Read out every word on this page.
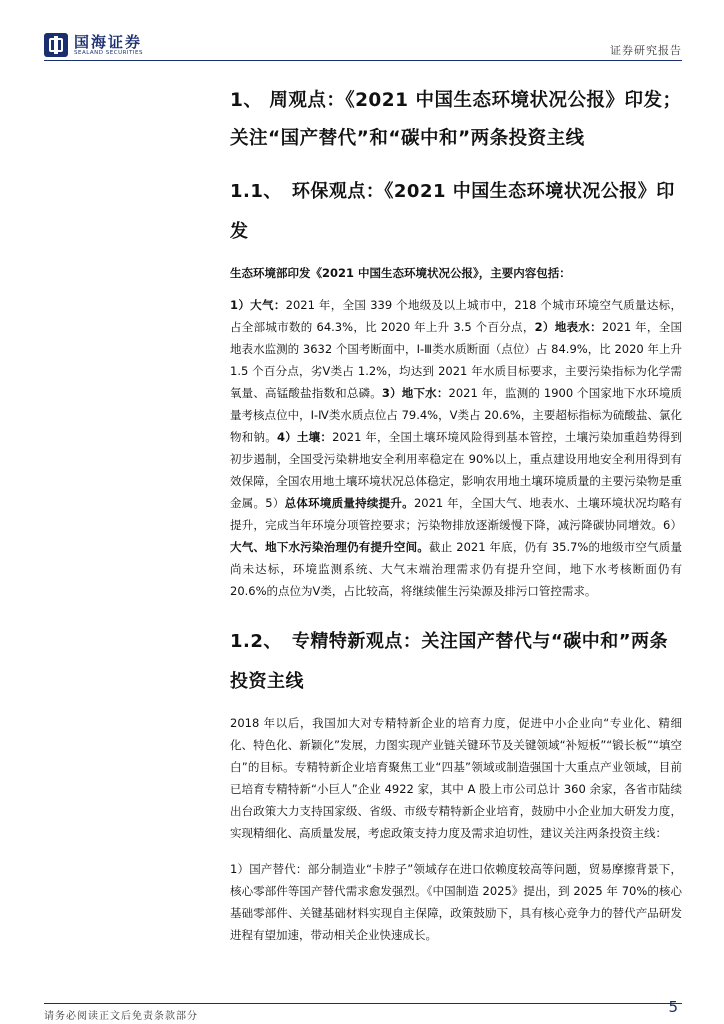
国海证券
SEALAND SECURITIES	证券研究报告
1、 周观点：《2021 中国生态环境状况公报》印发；
关注“国产替代”和“碳中和”两条投资主线
1.1、 环保观点：《2021 中国生态环境状况公报》印
发

生态环境部印发《2021 中国生态环境状况公报》，主要内容包括：

1）大气：2021 年，全国 339 个地级及以上城市中，218 个城市环境空气质量达标，占全部城市数的 64.3%，比 2020 年上升 3.5 个百分点，2）地表水：2021 年，全国地表水监测的 3632 个国考断面中，Ⅰ-Ⅲ类水质断面（点位）占 84.9%，比 2020 年上升 1.5 个百分点，劣Ⅴ类占 1.2%，均达到 2021 年水质目标要求，主要污染指标为化学需氧量、高锰酸盐指数和总磷。3）地下水：2021 年，监测的 1900 个国家地下水环境质量考核点位中，Ⅰ-Ⅳ类水质点位占 79.4%，Ⅴ类占 20.6%，主要超标指标为硫酸盐、氯化物和钠。4）土壤：2021 年，全国土壤环境风险得到基本管控，土壤污染加重趋势得到初步遏制，全国受污染耕地安全利用率稳定在 90%以上，重点建设用地安全利用得到有效保障，全国农用地土壤环境状况总体稳定，影响农用地土壤环境质量的主要污染物是重金属。5）总体环境质量持续提升。2021 年，全国大气、地表水、土壤环境状况均略有提升，完成当年环境分项管控要求；污染物排放逐渐缓慢下降，减污降碳协同增效。6）大气、地下水污染治理仍有提升空间。截止 2021 年底，仍有 35.7%的地级市空气质量尚未达标，环境监测系统、大气末端治理需求仍有提升空间，地下水考核断面仍有 20.6%的点位为Ⅴ类，占比较高，将继续催生污染源及排污口管控需求。

1.2、 专精特新观点：关注国产替代与“碳中和”两条
投资主线

2018 年以后，我国加大对专精特新企业的培育力度，促进中小企业向“专业化、精细化、特色化、新颖化”发展，力图实现产业链关键环节及关键领域“补短板”“锻长板”“填空白”的目标。专精特新企业培育聚焦工业“四基”领域或制造强国十大重点产业领域，目前已培育专精特新“小巨人”企业 4922 家，其中 A 股上市公司总计 360 余家，各省市陆续出台政策大力支持国家级、省级、市级专精特新企业培育，鼓励中小企业加大研发力度，实现精细化、高质量发展，考虑政策支持力度及需求迫切性，建议关注两条投资主线：

1）国产替代：部分制造业“卡脖子”领域存在进口依赖度较高等问题，贸易摩擦背景下，核心零部件等国产替代需求愈发强烈。《中国制造 2025》提出，到 2025 年 70%的核心基础零部件、关键基础材料实现自主保障，政策鼓励下，具有核心竞争力的替代产品研发进程有望加速，带动相关企业快速成长。

请务必阅读正文后免责条款部分
5
